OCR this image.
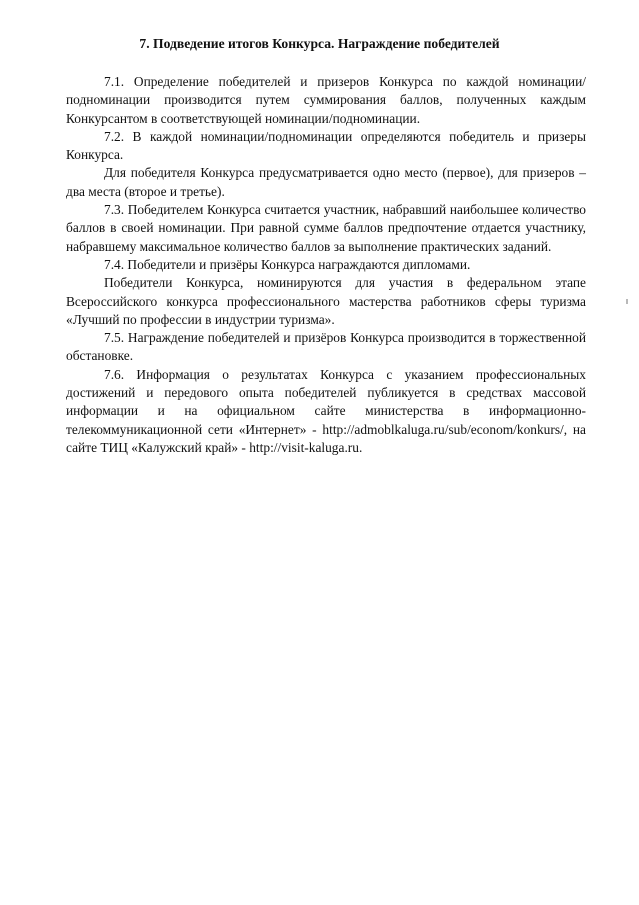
7. Подведение итогов Конкурса. Награждение победителей

7.1. Определение победителей и призеров Конкурса по каждой номинации/подноминации производится путем суммирования баллов, полученных каждым Конкурсантом в соответствующей номинации/подноминации.

7.2. В каждой номинации/подноминации определяются победитель и призеры Конкурса.

Для победителя Конкурса предусматривается одно место (первое), для призеров – два места (второе и третье).

7.3. Победителем Конкурса считается участник, набравший наибольшее количество баллов в своей номинации. При равной сумме баллов предпочтение отдается участнику, набравшему максимальное количество баллов за выполнение практических заданий.

7.4. Победители и призёры Конкурса награждаются дипломами.

Победители Конкурса, номинируются для участия в федеральном этапе Всероссийского конкурса профессионального мастерства работников сферы туризма «Лучший по профессии в индустрии туризма».

7.5. Награждение победителей и призёров Конкурса производится в торжественной обстановке.

7.6. Информация о результатах Конкурса с указанием профессиональных достижений и передового опыта победителей публикуется в средствах массовой информации и на официальном сайте министерства в информационно-телекоммуникационной сети «Интернет» - http://admoblkaluga.ru/sub/econom/konkurs/, на сайте ТИЦ «Калужский край» - http://visit-kaluga.ru.
